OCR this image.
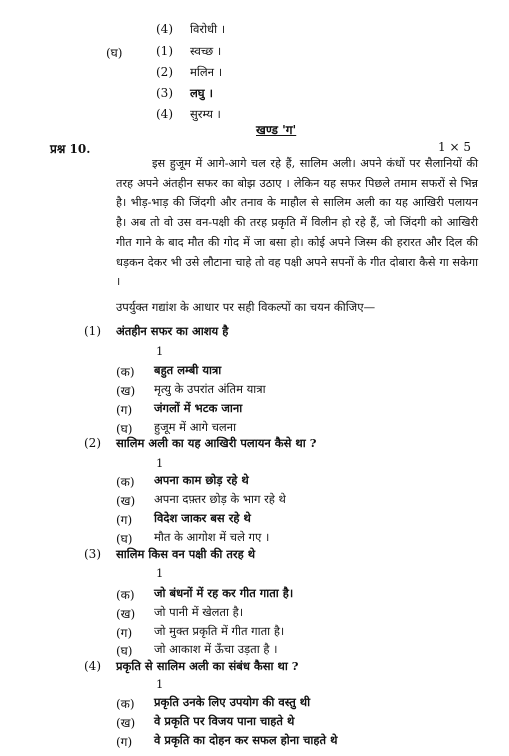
(4) विरोधी ।
(घ)	(1) स्वच्छ ।
(2) मलिन ।
(3) लघु ।
(4) सुरम्य ।
खण्ड 'ग'
प्रश्न 10.	1 × 5
इस हुजूम में आगे-आगे चल रहे हैं, सालिम अली। अपने कंधों पर सैलानियों की तरह अपने अंतहीन सफर का बोझ उठाए । लेकिन यह सफर पिछले तमाम सफरों से भिन्न है। भीड़-भाड़ की जिंदगी और तनाव के माहौल से सालिम अली का यह आखिरी पलायन है। अब तो वो उस वन-पक्षी की तरह प्रकृति में विलीन हो रहे हैं, जो जिंदगी को आखिरी गीत गाने के बाद मौत की गोद में जा बसा हो। कोई अपने जिस्म की हरारत और दिल की धड़कन देकर भी उसे लौटाना चाहे तो वह पक्षी अपने सपनों के गीत दोबारा कैसे गा सकेगा ।
उपर्युक्त गद्यांश के आधार पर सही विकल्पों का चयन कीजिए—
(1) अंतहीन सफर का आशय है
1
(क) बहुत लम्बी यात्रा
(ख) मृत्यु के उपरांत अंतिम यात्रा
(ग) जंगलों में भटक जाना
(घ) हुजूम में आगे चलना
(2) सालिम अली का यह आखिरी पलायन कैसे था ?
1
(क) अपना काम छोड़ रहे थे
(ख) अपना दफ़्तर छोड़ के भाग रहे थे
(ग) विदेश जाकर बस रहे थे
(घ) मौत के आगोश में चले गए ।
(3) सालिम किस वन पक्षी की तरह थे
1
(क) जो बंधनों में रह कर गीत गाता है।
(ख) जो पानी में खेलता है।
(ग) जो मुक्त प्रकृति में गीत गाता है।
(घ) जो आकाश में ऊँचा उड़ता है ।
(4) प्रकृति से सालिम अली का संबंध कैसा था ?
1
(क) प्रकृति उनके लिए उपयोग की वस्तु थी
(ख) वे प्रकृति पर विजय पाना चाहते थे
(ग) वे प्रकृति का दोहन कर सफल होना चाहते थे
